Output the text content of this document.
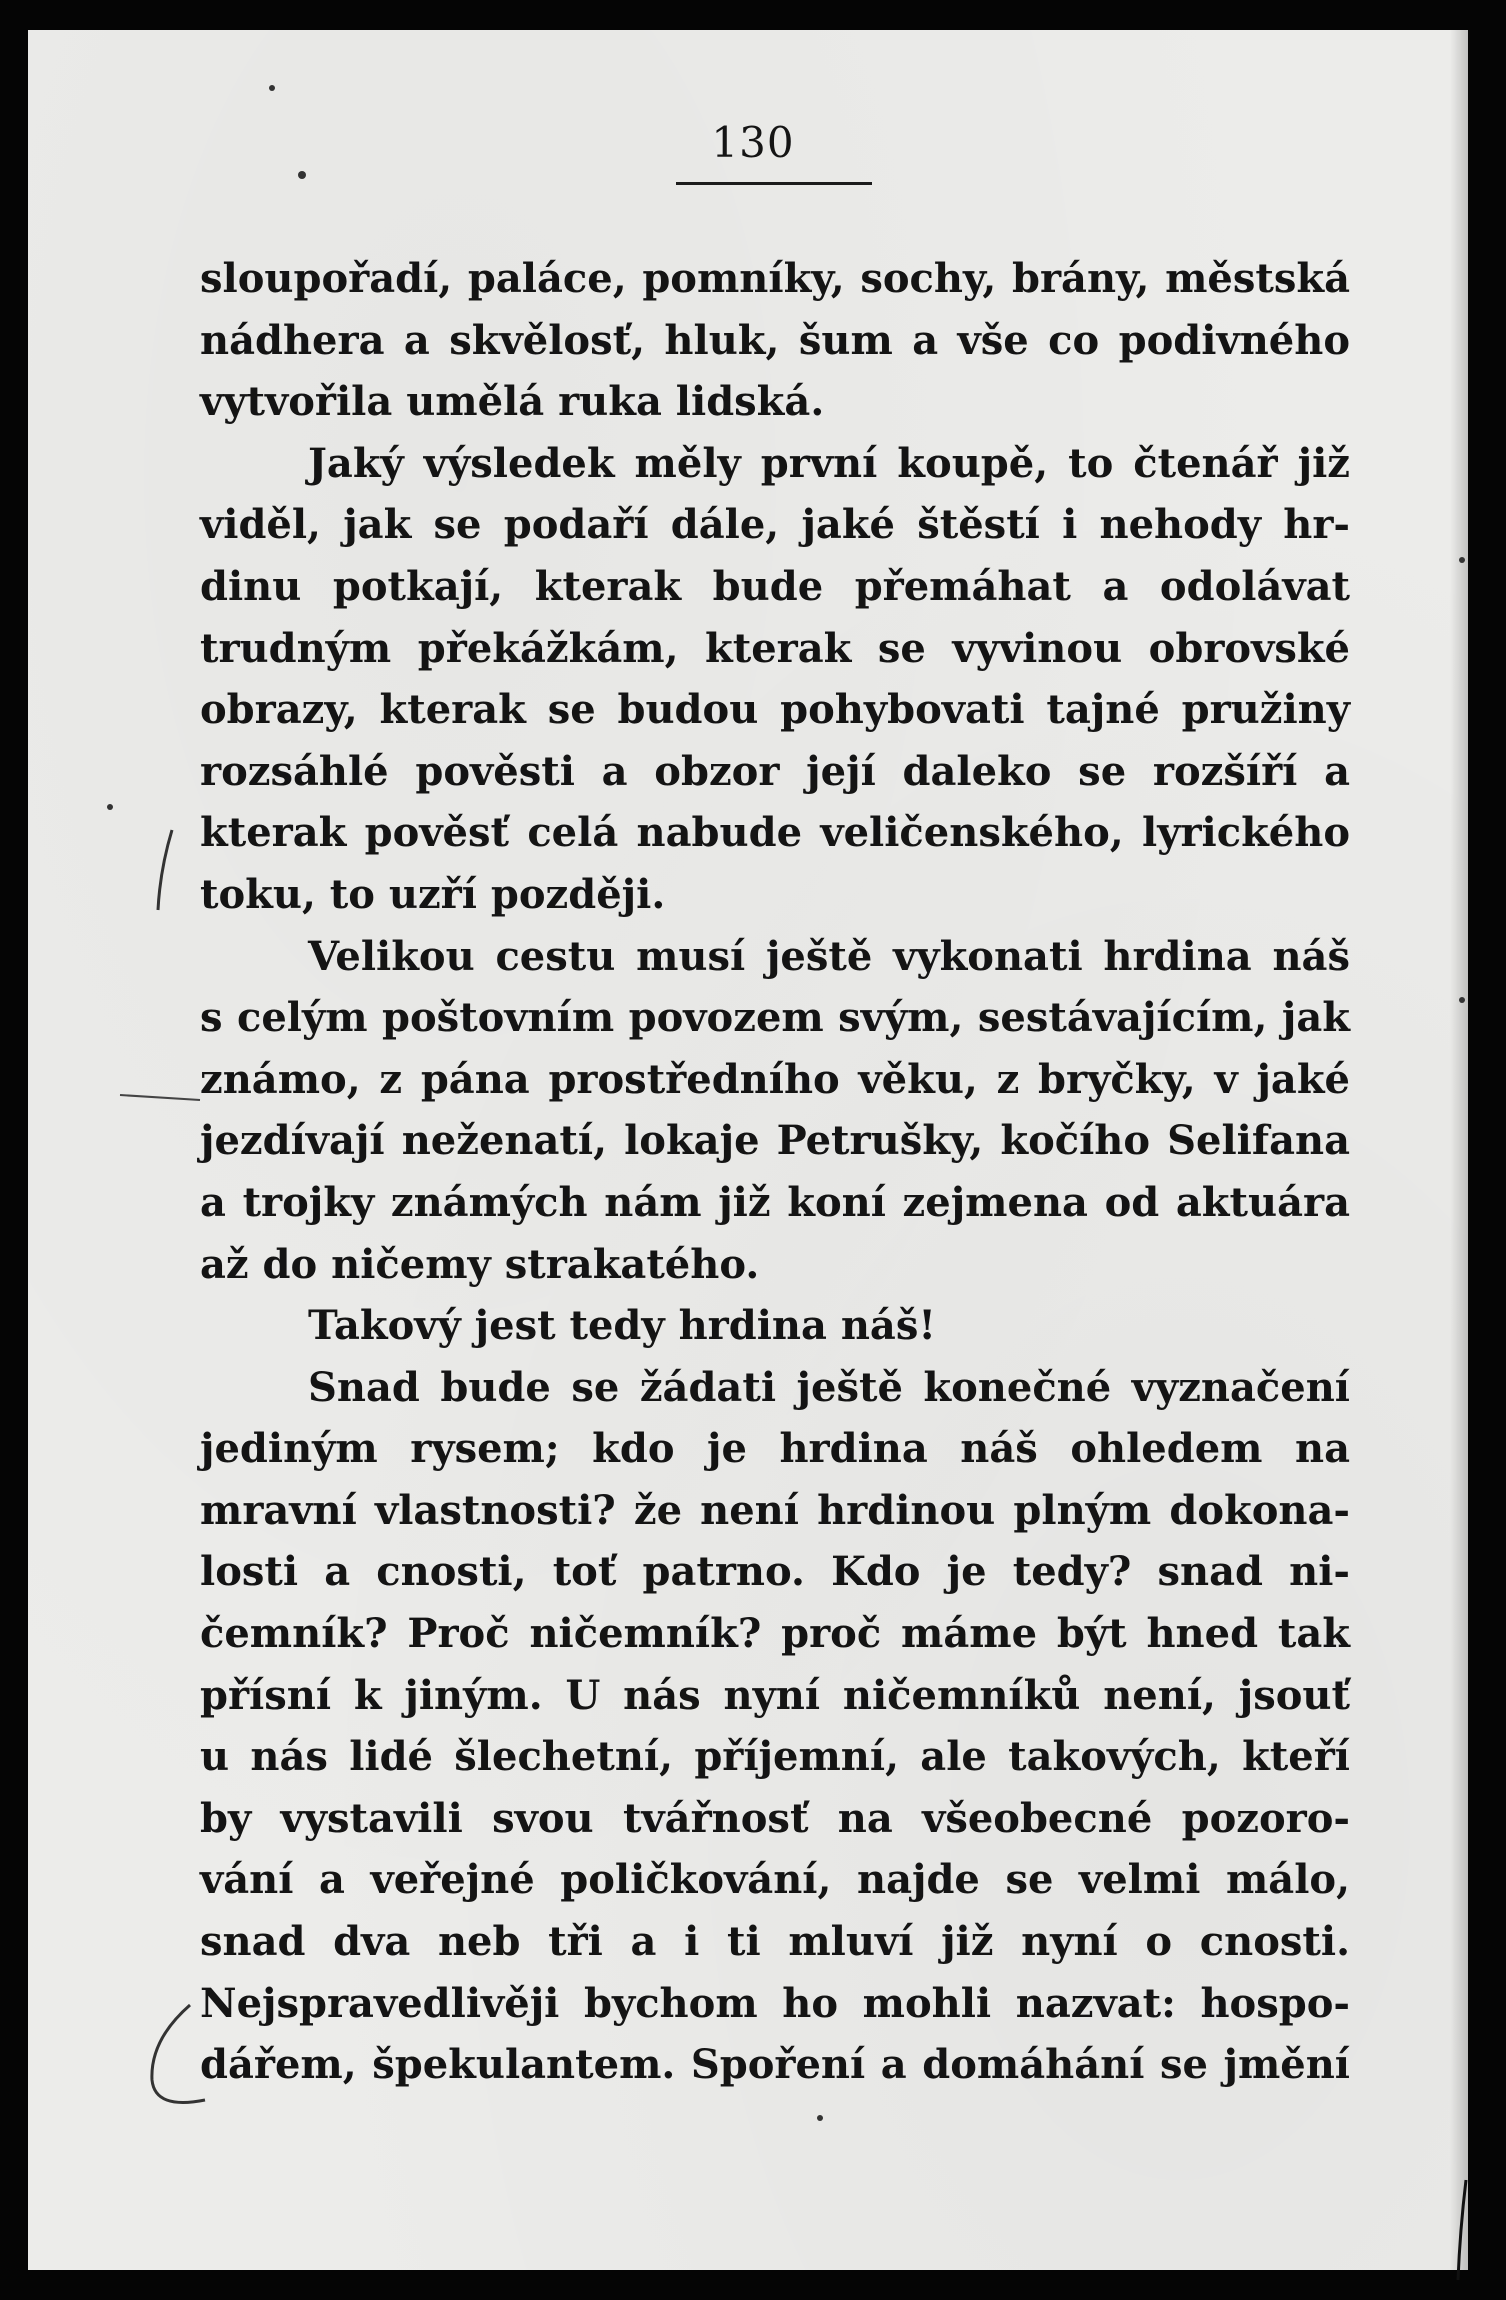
130
sloupořadí, paláce, pomníky, sochy, brány, městská
nádhera a skvělosť, hluk, šum a vše co podivného
vytvořila umělá ruka lidská.
Jaký výsledek měly první koupě, to čtenář již
viděl, jak se podaří dále, jaké štěstí i nehody hr-
dinu potkají, kterak bude přemáhat a odolávat
trudným překážkám, kterak se vyvinou obrovské
obrazy, kterak se budou pohybovati tajné pružiny
rozsáhlé pověsti a obzor její daleko se rozšíří a
kterak pověsť celá nabude veličenského, lyrického
toku, to uzří později.
Velikou cestu musí ještě vykonati hrdina náš
s celým poštovním povozem svým, sestávajícím, jak
známo, z pána prostředního věku, z bryčky, v jaké
jezdívají neženatí, lokaje Petrušky, kočího Selifana
a trojky známých nám již koní zejmena od aktuára
až do ničemy strakatého.
Takový jest tedy hrdina náš!
Snad bude se žádati ještě konečné vyznačení
jediným rysem; kdo je hrdina náš ohledem na
mravní vlastnosti? že není hrdinou plným dokona-
losti a cnosti, toť patrno. Kdo je tedy? snad ni-
čemník? Proč ničemník? proč máme být hned tak
přísní k jiným. U nás nyní ničemníků není, jsouť
u nás lidé šlechetní, příjemní, ale takových, kteří
by vystavili svou tvářnosť na všeobecné pozoro-
vání a veřejné poličkování, najde se velmi málo,
snad dva neb tři a i ti mluví již nyní o cnosti.
Nejspravedlivěji bychom ho mohli nazvat: hospo-
dářem, špekulantem. Spoření a domáhání se jmění
